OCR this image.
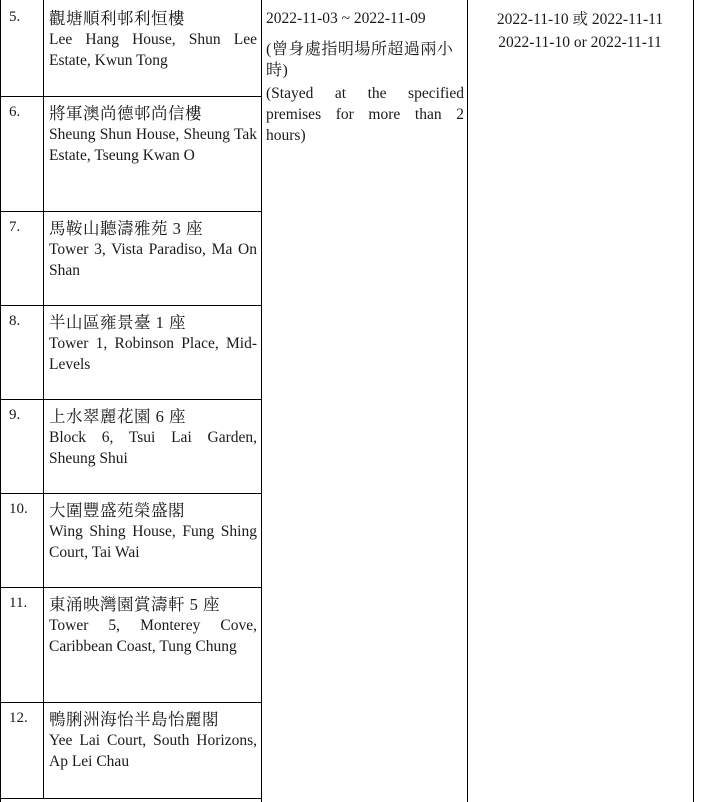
5. 觀塘順利邨利恒樓
Lee Hang House, Shun Lee Estate, Kwun Tong
6. 將軍澳尚德邨尚信樓
Sheung Shun House, Sheung Tak Estate, Tseung Kwan O
7. 馬鞍山聽濤雅苑 3 座
Tower 3, Vista Paradiso, Ma On Shan
8. 半山區雍景臺 1 座
Tower 1, Robinson Place, Mid-Levels
9. 上水翠麗花園 6 座
Block 6, Tsui Lai Garden, Sheung Shui
10. 大圍豐盛苑榮盛閣
Wing Shing House, Fung Shing Court, Tai Wai
11. 東涌映灣園賞濤軒 5 座
Tower 5, Monterey Cove, Caribbean Coast, Tung Chung
12. 鴨脷洲海怡半島怡麗閣
Yee Lai Court, South Horizons, Ap Lei Chau
2022-11-03 ~ 2022-11-09
(曾身處指明場所超過兩小時)
(Stayed at the specified premises for more than 2 hours)
2022-11-10 或 2022-11-11
2022-11-10 or 2022-11-11
